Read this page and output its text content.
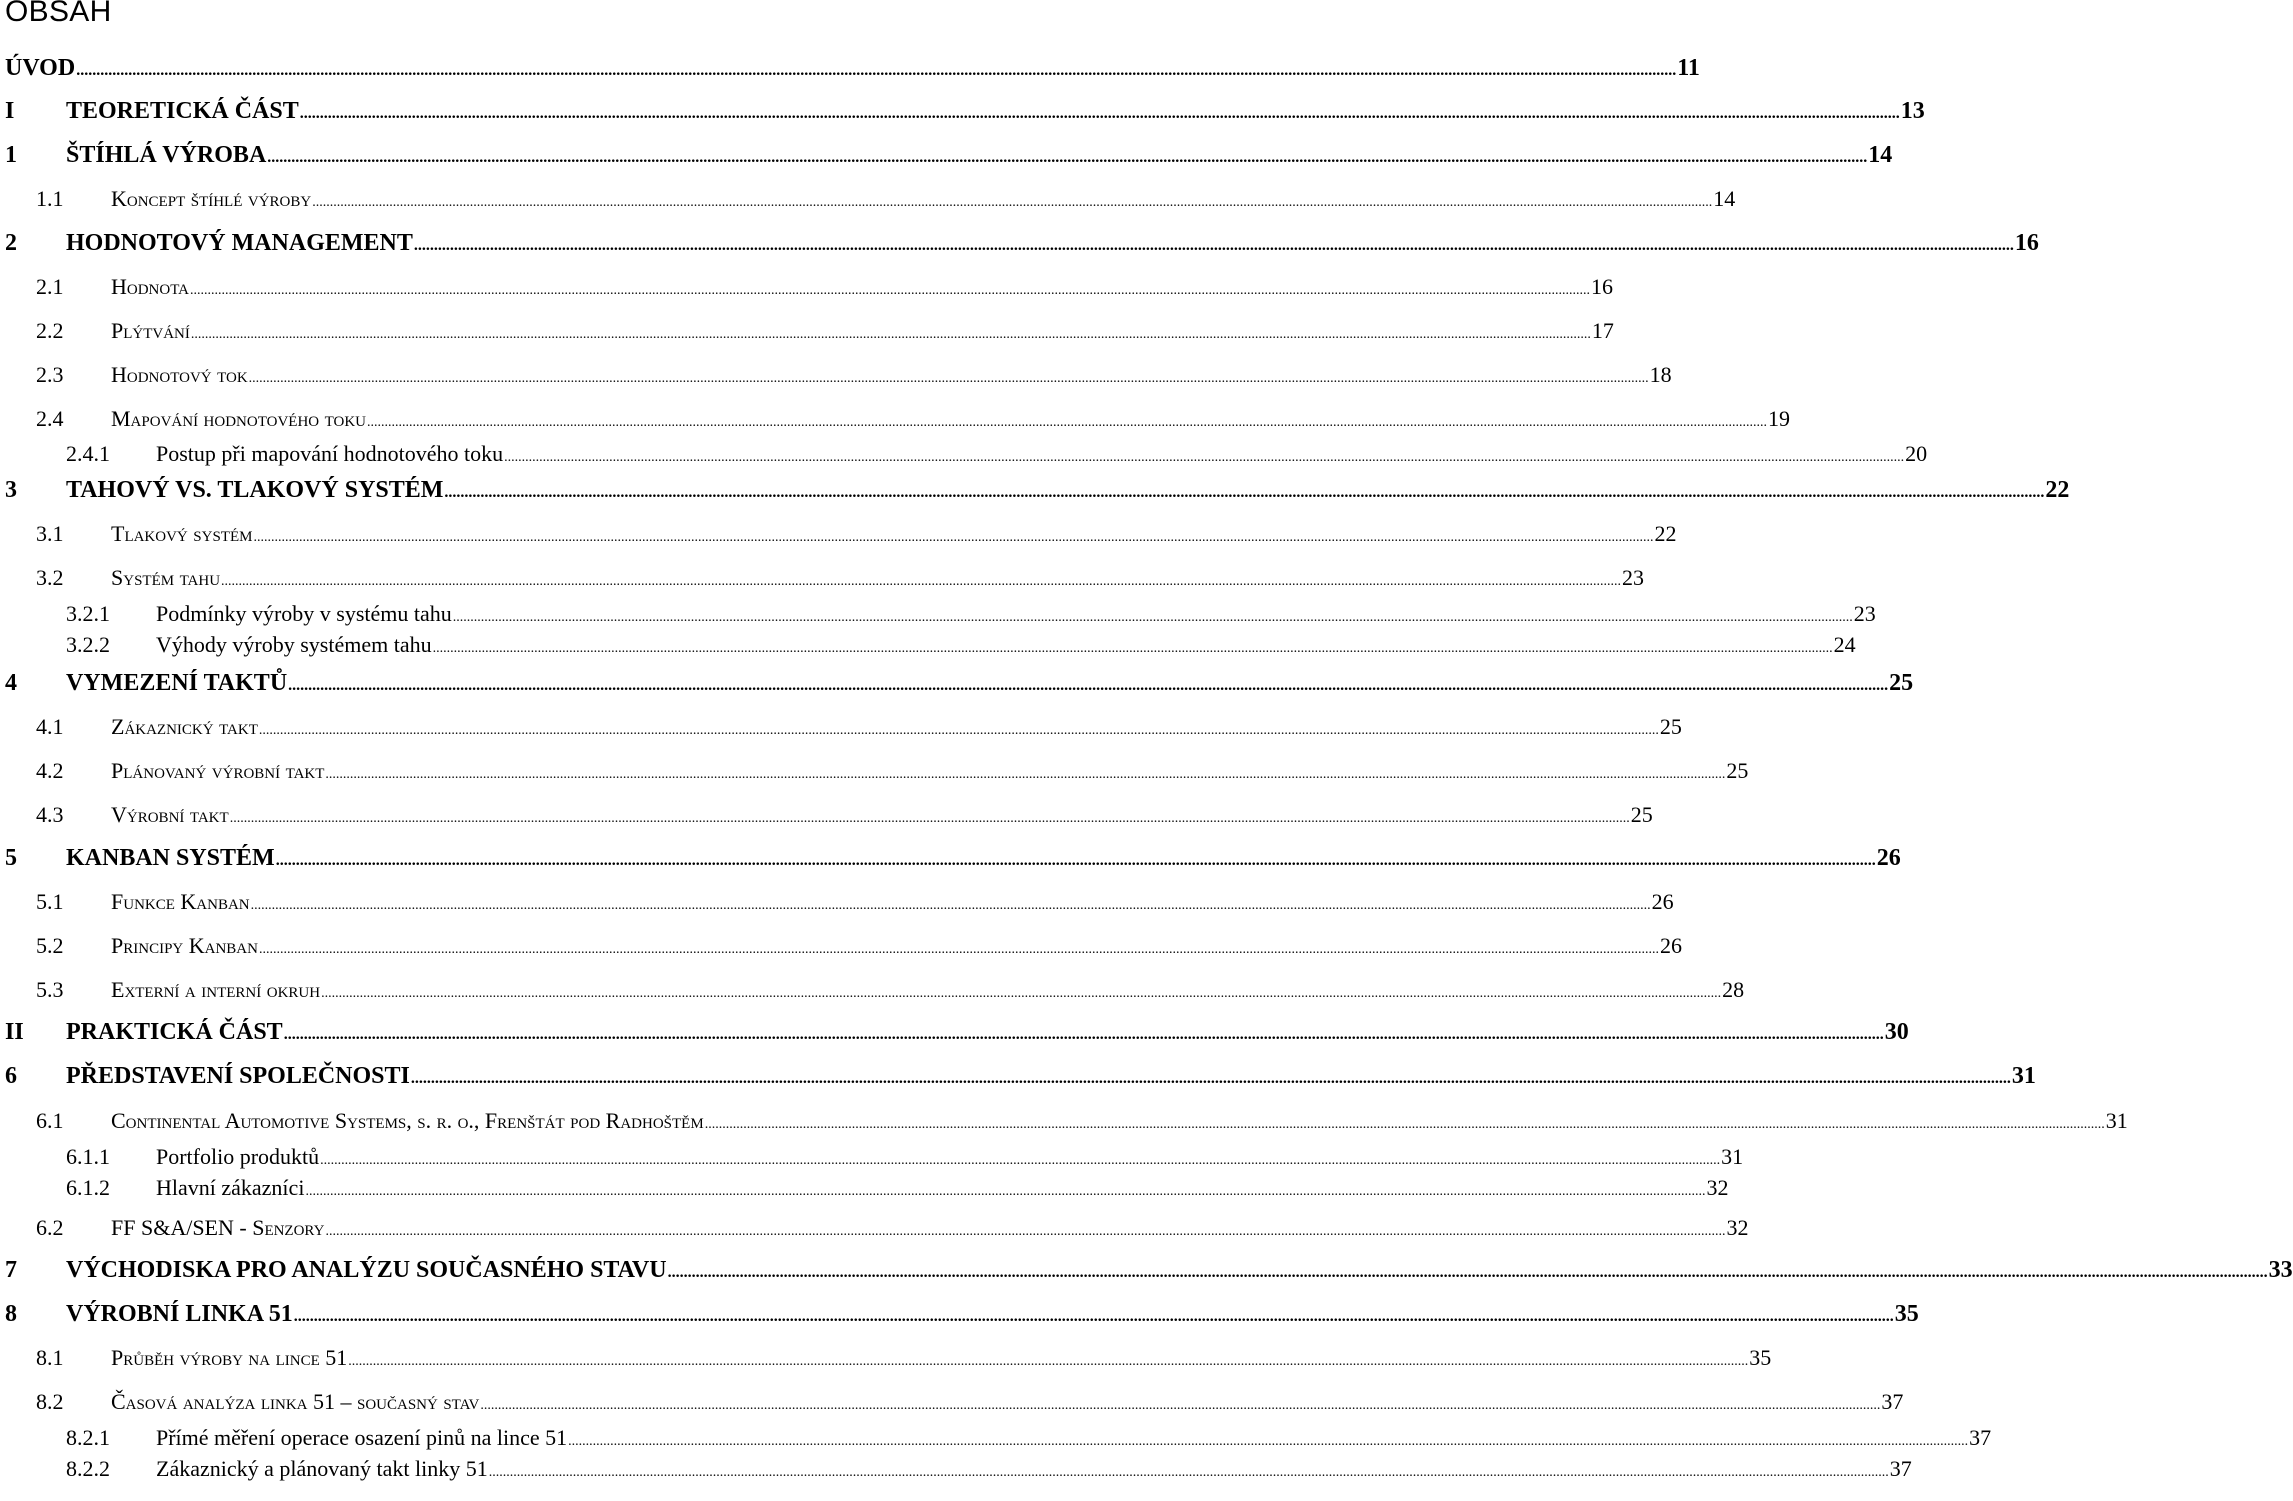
OBSAH
ÚVOD ................................................................................................................................................................................................................................................................................................................................................................................................................ 11
I TEORETICKÁ ČÁST ................................................................................................................................................................................................................................................................................................................................................................................................................ 13
1 ŠTÍHLÁ VÝROBA ................................................................................................................................................................................................................................................................................................................................................................................................................ 14
1.1 Koncept štíhlé výroby ................................................................................................................................................................................................................................................................................................................................................................................................................ 14
2 HODNOTOVÝ MANAGEMENT ................................................................................................................................................................................................................................................................................................................................................................................................................ 16
2.1 Hodnota ................................................................................................................................................................................................................................................................................................................................................................................................................ 16
2.2 Plýtvání ................................................................................................................................................................................................................................................................................................................................................................................................................ 17
2.3 Hodnotový tok ................................................................................................................................................................................................................................................................................................................................................................................................................ 18
2.4 Mapování hodnotového toku ................................................................................................................................................................................................................................................................................................................................................................................................................ 19
2.4.1 Postup při mapování hodnotového toku ................................................................................................................................................................................................................................................................................................................................................................................................................ 20
3 TAHOVÝ VS. TLAKOVÝ SYSTÉM ................................................................................................................................................................................................................................................................................................................................................................................................................ 22
3.1 Tlakový systém ................................................................................................................................................................................................................................................................................................................................................................................................................ 22
3.2 Systém tahu ................................................................................................................................................................................................................................................................................................................................................................................................................ 23
3.2.1 Podmínky výroby v systému tahu ................................................................................................................................................................................................................................................................................................................................................................................................................ 23
3.2.2 Výhody výroby systémem tahu ................................................................................................................................................................................................................................................................................................................................................................................................................ 24
4 VYMEZENÍ TAKTŮ ................................................................................................................................................................................................................................................................................................................................................................................................................ 25
4.1 Zákaznický takt ................................................................................................................................................................................................................................................................................................................................................................................................................ 25
4.2 Plánovaný výrobní takt ................................................................................................................................................................................................................................................................................................................................................................................................................ 25
4.3 Výrobní takt ................................................................................................................................................................................................................................................................................................................................................................................................................ 25
5 KANBAN SYSTÉM ................................................................................................................................................................................................................................................................................................................................................................................................................ 26
5.1 Funkce Kanban ................................................................................................................................................................................................................................................................................................................................................................................................................ 26
5.2 Principy Kanban ................................................................................................................................................................................................................................................................................................................................................................................................................ 26
5.3 Externí a interní okruh ................................................................................................................................................................................................................................................................................................................................................................................................................ 28
II PRAKTICKÁ ČÁST ................................................................................................................................................................................................................................................................................................................................................................................................................ 30
6 PŘEDSTAVENÍ SPOLEČNOSTI ................................................................................................................................................................................................................................................................................................................................................................................................................ 31
6.1 Continental Automotive Systems, s. r. o., Frenštát pod Radhoštěm ................................................................................................................................................................................................................................................................................................................................................................................................................ 31
6.1.1 Portfolio produktů ................................................................................................................................................................................................................................................................................................................................................................................................................ 31
6.1.2 Hlavní zákazníci ................................................................................................................................................................................................................................................................................................................................................................................................................ 32
6.2 FF S&A/SEN - Senzory ................................................................................................................................................................................................................................................................................................................................................................................................................ 32
7 VÝCHODISKA PRO ANALÝZU SOUČASNÉHO STAVU ................................................................................................................................................................................................................................................................................................................................................................................................................ 33
8 VÝROBNÍ LINKA 51 ................................................................................................................................................................................................................................................................................................................................................................................................................ 35
8.1 Průběh výroby na lince 51 ................................................................................................................................................................................................................................................................................................................................................................................................................ 35
8.2 Časová analýza linka 51 – současný stav ................................................................................................................................................................................................................................................................................................................................................................................................................ 37
8.2.1 Přímé měření operace osazení pinů na lince 51 ................................................................................................................................................................................................................................................................................................................................................................................................................ 37
8.2.2 Zákaznický a plánovaný takt linky 51 ................................................................................................................................................................................................................................................................................................................................................................................................................ 37
